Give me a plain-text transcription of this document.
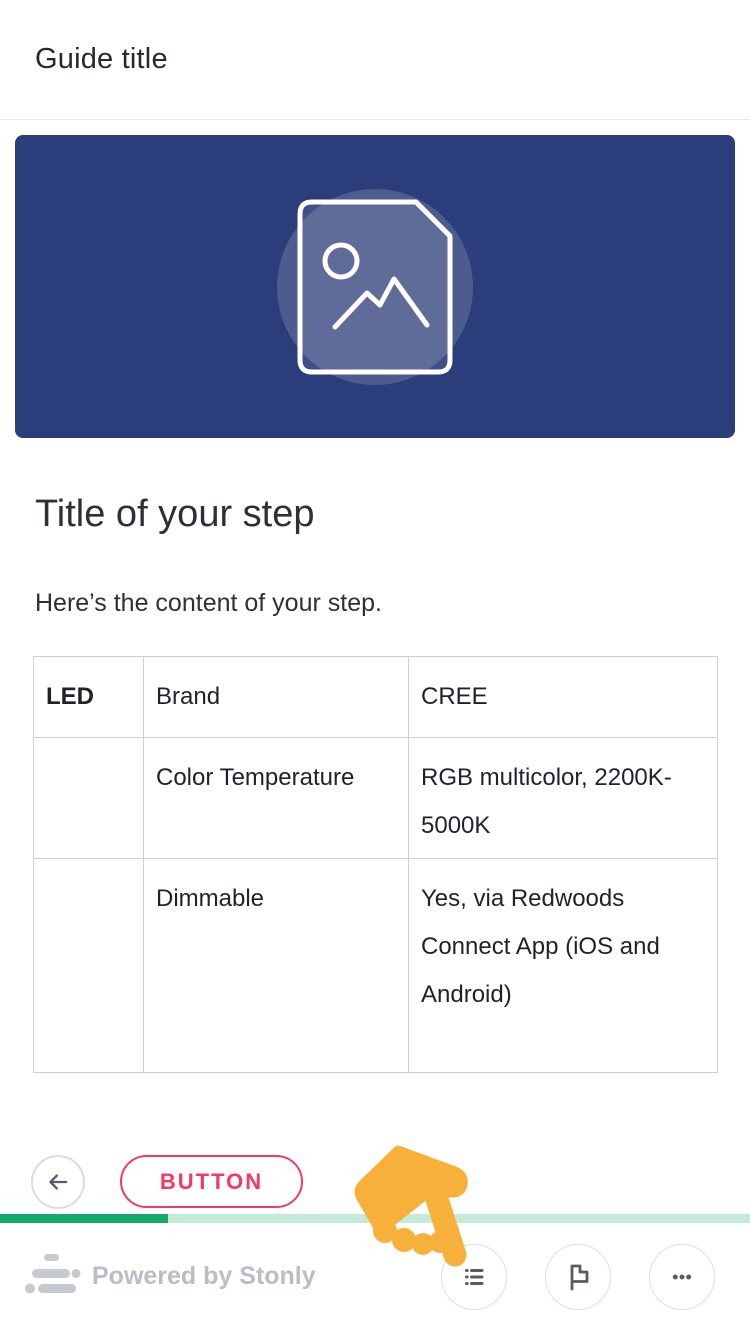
Guide title
Title of your step
Here’s the content of your step.
LED	Brand	CREE
	Color Temperature	RGB multicolor, 2200K-5000K
	Dimmable	Yes, via Redwoods Connect App (iOS and Android)
BUTTON
Powered by Stonly
